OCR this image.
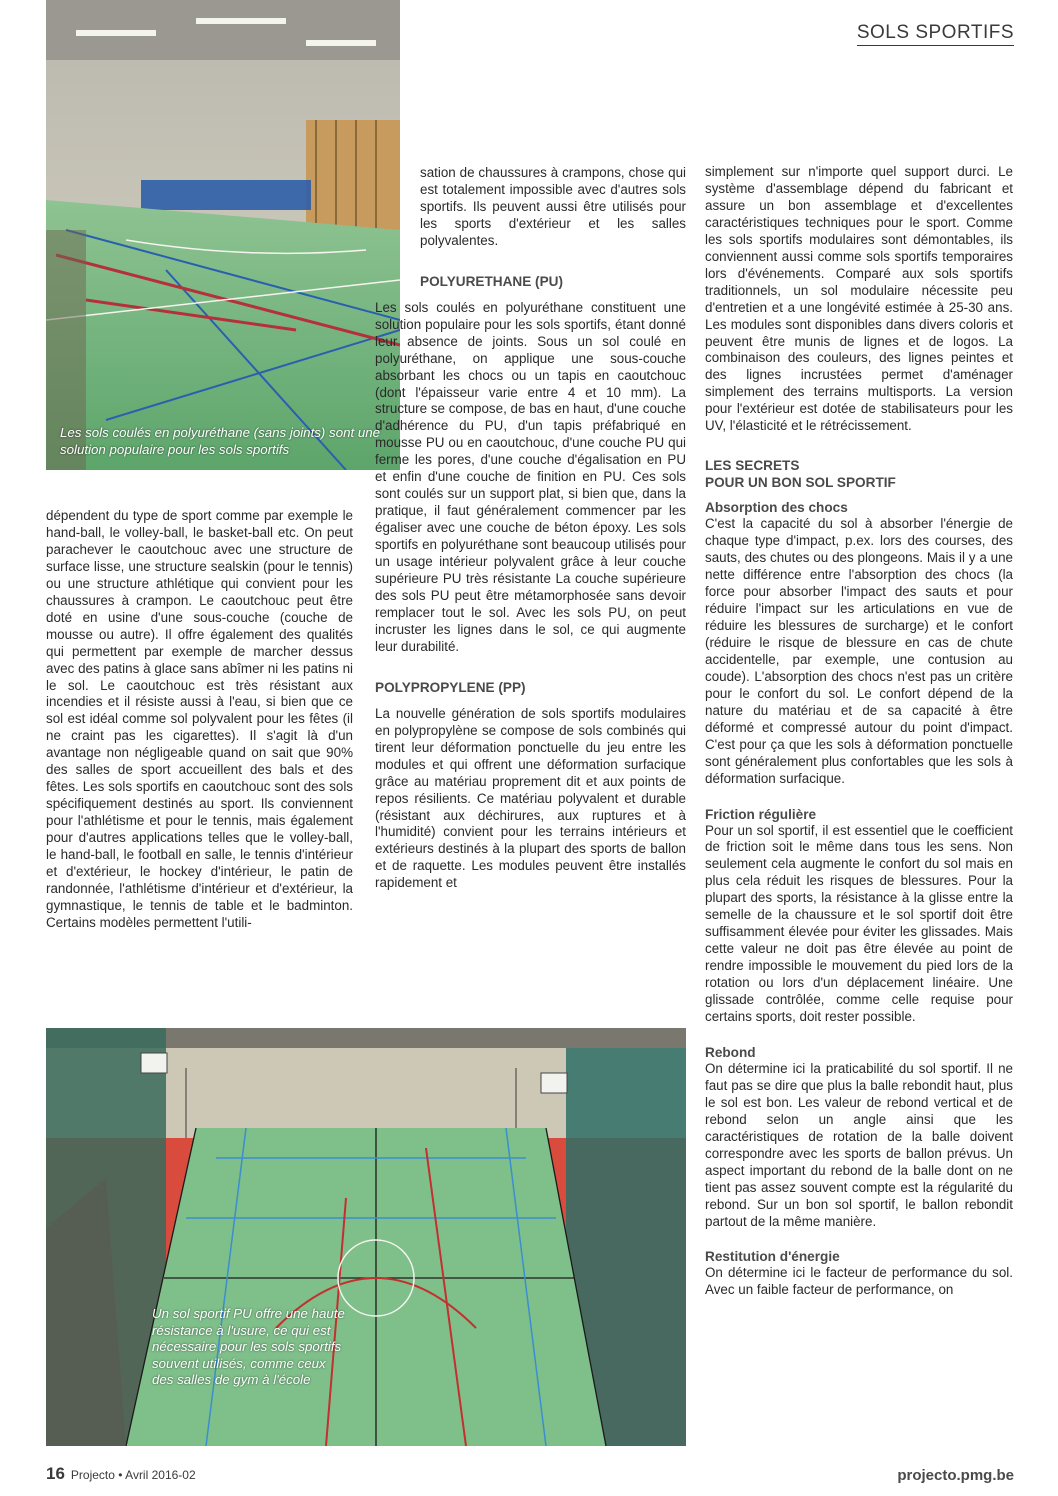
SOLS SPORTIFS
Les sols coulés en polyuréthane (sans joints) sont une solution populaire pour les sols sportifs

dépendent du type de sport comme par exemple le hand-ball, le volley-ball, le basket-ball etc. On peut parachever le caoutchouc avec une structure de surface lisse, une structure sealskin (pour le tennis) ou une structure athlétique qui convient pour les chaussures à crampon. Le caoutchouc peut être doté en usine d'une sous-couche (couche de mousse ou autre). Il offre également des qualités qui permettent par exemple de marcher dessus avec des patins à glace sans abîmer ni les patins ni le sol. Le caoutchouc est très résistant aux incendies et il résiste aussi à l'eau, si bien que ce sol est idéal comme sol polyvalent pour les fêtes (il ne craint pas les cigarettes). Il s'agit là d'un avantage non négligeable quand on sait que 90% des salles de sport accueillent des bals et des fêtes. Les sols sportifs en caoutchouc sont des sols spécifiquement destinés au sport. Ils conviennent pour l'athlétisme et pour le tennis, mais également pour d'autres applications telles que le volley-ball, le hand-ball, le football en salle, le tennis d'intérieur et d'extérieur, le hockey d'intérieur, le patin de randonnée, l'athlétisme d'intérieur et d'extérieur, la gymnastique, le tennis de table et le badminton. Certains modèles permettent l'utili-

sation de chaussures à crampons, chose qui est totalement impossible avec d'autres sols sportifs. Ils peuvent aussi être utilisés pour les sports d'extérieur et les salles polyvalentes.

POLYURETHANE (PU)

Les sols coulés en polyuréthane constituent une solution populaire pour les sols sportifs, étant donné leur absence de joints. Sous un sol coulé en polyuréthane, on applique une sous-couche absorbant les chocs ou un tapis en caoutchouc (dont l'épaisseur varie entre 4 et 10 mm). La structure se compose, de bas en haut, d'une couche d'adhérence du PU, d'un tapis préfabriqué en mousse PU ou en caoutchouc, d'une couche PU qui ferme les pores, d'une couche d'égalisation en PU et enfin d'une couche de finition en PU. Ces sols sont coulés sur un support plat, si bien que, dans la pratique, il faut généralement commencer par les égaliser avec une couche de béton époxy. Les sols sportifs en polyuréthane sont beaucoup utilisés pour un usage intérieur polyvalent grâce à leur couche supérieure PU très résistante La couche supérieure des sols PU peut être métamorphosée sans devoir remplacer tout le sol. Avec les sols PU, on peut incruster les lignes dans le sol, ce qui augmente leur durabilité.

POLYPROPYLENE (PP)

La nouvelle génération de sols sportifs modulaires en polypropylène se compose de sols combinés qui tirent leur déformation ponctuelle du jeu entre les modules et qui offrent une déformation surfacique grâce au matériau proprement dit et aux points de repos résilients. Ce matériau polyvalent et durable (résistant aux déchirures, aux ruptures et à l'humidité) convient pour les terrains intérieurs et extérieurs destinés à la plupart des sports de ballon et de raquette. Les modules peuvent être installés rapidement et

simplement sur n'importe quel support durci. Le système d'assemblage dépend du fabricant et assure un bon assemblage et d'excellentes caractéristiques techniques pour le sport. Comme les sols sportifs modulaires sont démontables, ils conviennent aussi comme sols sportifs temporaires lors d'événements. Comparé aux sols sportifs traditionnels, un sol modulaire nécessite peu d'entretien et a une longévité estimée à 25-30 ans. Les modules sont disponibles dans divers coloris et peuvent être munis de lignes et de logos. La combinaison des couleurs, des lignes peintes et des lignes incrustées permet d'aménager simplement des terrains multisports. La version pour l'extérieur est dotée de stabilisateurs pour les UV, l'élasticité et le rétrécissement.

LES SECRETS
POUR UN BON SOL SPORTIF
Absorption des chocs

C'est la capacité du sol à absorber l'énergie de chaque type d'impact, p.ex. lors des courses, des sauts, des chutes ou des plongeons. Mais il y a une nette différence entre l'absorption des chocs (la force pour absorber l'impact des sauts et pour réduire l'impact sur les articulations en vue de réduire les blessures de surcharge) et le confort (réduire le risque de blessure en cas de chute accidentelle, par exemple, une contusion au coude). L'absorption des chocs n'est pas un critère pour le confort du sol. Le confort dépend de la nature du matériau et de sa capacité à être déformé et compressé autour du point d'impact. C'est pour ça que les sols à déformation ponctuelle sont généralement plus confortables que les sols à déformation surfacique.

Friction régulière

Pour un sol sportif, il est essentiel que le coefficient de friction soit le même dans tous les sens. Non seulement cela augmente le confort du sol mais en plus cela réduit les risques de blessures. Pour la plupart des sports, la résistance à la glisse entre la semelle de la chaussure et le sol sportif doit être suffisamment élevée pour éviter les glissades. Mais cette valeur ne doit pas être élevée au point de rendre impossible le mouvement du pied lors de la rotation ou lors d'un déplacement linéaire. Une glissade contrôlée, comme celle requise pour certains sports, doit rester possible.

Rebond

On détermine ici la praticabilité du sol sportif. Il ne faut pas se dire que plus la balle rebondit haut, plus le sol est bon. Les valeur de rebond vertical et de rebond selon un angle ainsi que les caractéristiques de rotation de la balle doivent correspondre avec les sports de ballon prévus. Un aspect important du rebond de la balle dont on ne tient pas assez souvent compte est la régularité du rebond. Sur un bon sol sportif, le ballon rebondit partout de la même manière.

Restitution d'énergie

On détermine ici le facteur de performance du sol. Avec un faible facteur de performance, on

Un sol sportif PU offre une haute résistance à l'usure, ce qui est nécessaire pour les sols sportifs souvent utilisés, comme ceux des salles de gym à l'école
16 Projecto • Avril 2016-02	projecto.pmg.be
